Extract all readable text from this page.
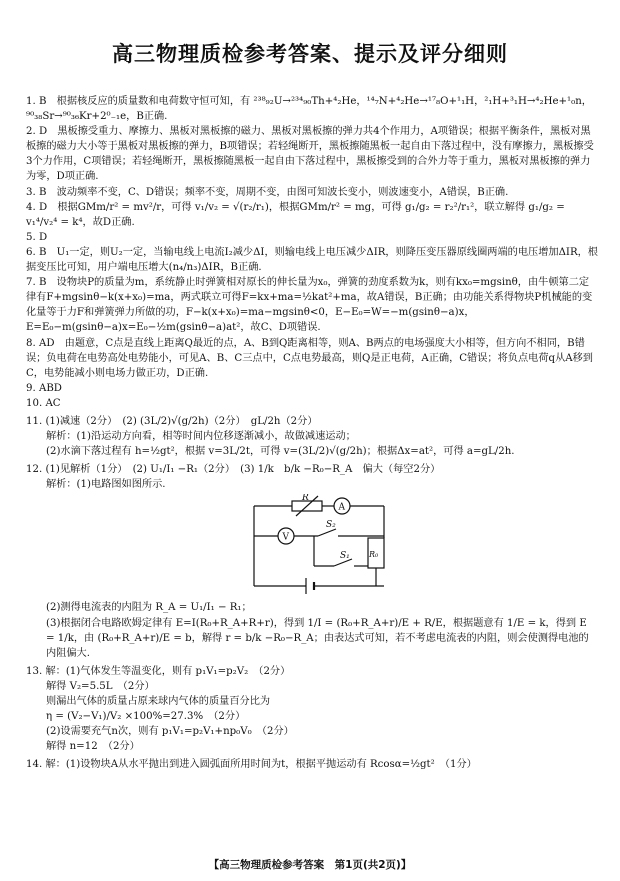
高三物理质检参考答案、提示及评分细则

1. B　根据核反应的质量数和电荷数守恒可知，有 ²³⁸₉₂U→²³⁴₉₀Th+⁴₂He，¹⁴₇N+⁴₂He→¹⁷₈O+¹₁H，²₁H+³₁H→⁴₂He+¹₀n，⁹⁰₃₈Sr→⁹⁰₃₆Kr+2⁰₋₁e，B正确.

2. D　黑板擦受重力、摩擦力、黑板对黑板擦的磁力、黑板对黑板擦的弹力共4个作用力，A项错误；根据平衡条件，黑板对黑板擦的磁力大小等于黑板对黑板擦的弹力，B项错误；若轻绳断开，黑板擦随黑板一起自由下落过程中，没有摩擦力，黑板擦受3个力作用，C项错误；若轻绳断开，黑板擦随黑板一起自由下落过程中，黑板擦受到的合外力等于重力，黑板对黑板擦的弹力为零，D项正确.

3. B　波动频率不变，C、D错误；频率不变，周期不变，由图可知波长变小，则波速变小，A错误，B正确.

4. D　根据GMm/r² = mv²/r，可得 v₁/v₂ = √(r₂/r₁)，根据GMm/r² = mg，可得 g₁/g₂ = r₂²/r₁²，联立解得 g₁/g₂ = v₁⁴/v₂⁴ = k⁴，故D正确.

5. D

6. B　U₁一定，则U₂一定，当输电线上电流I₂减少ΔI，则输电线上电压减少ΔIR，则降压变压器原线圈两端的电压增加ΔIR，根据变压比可知，用户端电压增大(n₄/n₃)ΔIR，B正确.

7. B　设物块P的质量为m，系统静止时弹簧相对原长的伸长量为x₀，弹簧的劲度系数为k，则有kx₀=mgsinθ，由牛顿第二定律有F+mgsinθ−k(x+x₀)=ma，两式联立可得F=kx+ma=½kat²+ma，故A错误，B正确；由功能关系得物块P机械能的变化量等于力F和弹簧弹力所做的功，F−k(x+x₀)=ma−mgsinθ<0，E−E₀=W=−m(gsinθ−a)x，E=E₀−m(gsinθ−a)x=E₀−½m(gsinθ−a)at²，故C、D项错误.

8. AD　由题意，C点是直线上距离Q最近的点，A、B到Q距离相等，则A、B两点的电场强度大小相等，但方向不相同，B错误；负电荷在电势高处电势能小，可见A、B、C三点中，C点电势最高，则Q是正电荷，A正确，C错误；将负点电荷q从A移到C，电势能减小则电场力做正功，D正确.

9. ABD

10. AC

11. (1)减速（2分）　(2) (3L/2)√(g/2h)（2分）　gL/2h（2分）

解析：(1)沿运动方向看，相等时间内位移逐渐减小，故做减速运动；

(2)水滴下落过程有 h=½gt²，根据 v=3L/2t，可得 v=(3L/2)√(g/2h)；根据Δx=at²，可得 a=gL/2h.

12. (1)见解析（1分）　(2) U₁/I₁ −R₁（2分）　(3) 1/k　b/k −R₀−R_A　偏大（每空2分）

解析：(1)电路图如图所示.

R
A
V
S₂
S₁ R₀

(2)测得电流表的内阻为 R_A = U₁/I₁ − R₁；

(3)根据闭合电路欧姆定律有 E=I(R₀+R_A+R+r)，得到 1/I = (R₀+R_A+r)/E + R/E，根据题意有 1/E = k，得到 E = 1/k，由 (R₀+R_A+r)/E = b，解得 r = b/k −R₀−R_A；由表达式可知，若不考虑电流表的内阻，则会使测得电池的内阻偏大.

13. 解：(1)气体发生等温变化，则有 p₁V₁=p₂V₂　（2分）

解得 V₂=5.5L　（2分）

则漏出气体的质量占原来球内气体的质量百分比为

η = (V₂−V₁)/V₂ ×100%=27.3%　（2分）

(2)设需要充气n次，则有 p₁V₁=p₂V₁+np₀V₀　（2分）

解得 n=12　（2分）

14. 解：(1)设物块A从水平抛出到进入圆弧面所用时间为t，根据平抛运动有 Rcosα=½gt²　（1分）

【高三物理质检参考答案　第1页(共2页)】
